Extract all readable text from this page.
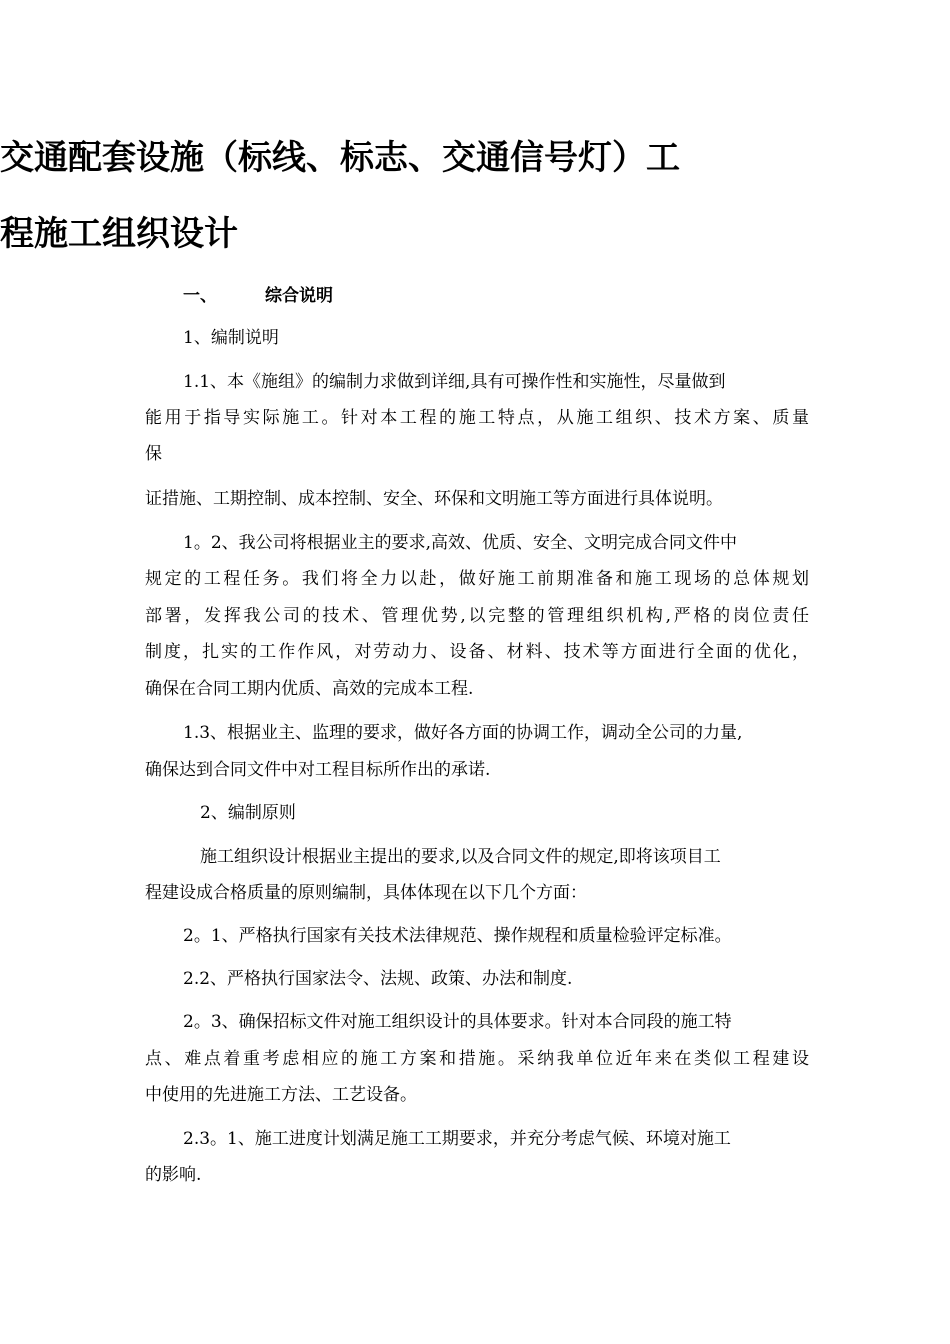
交通配套设施（标线、标志、交通信号灯）工
程施工组织设计
一、	综合说明
1、编制说明
1.1、本《施组》的编制力求做到详细,具有可操作性和实施性，尽量做到
能用于指导实际施工。针对本工程的施工特点，从施工组织、技术方案、质量
保
证措施、工期控制、成本控制、安全、环保和文明施工等方面进行具体说明。
1。2、我公司将根据业主的要求,高效、优质、安全、文明完成合同文件中
规定的工程任务。我们将全力以赴，做好施工前期准备和施工现场的总体规划
部署，发挥我公司的技术、管理优势,以完整的管理组织机构,严格的岗位责任
制度，扎实的工作作风，对劳动力、设备、材料、技术等方面进行全面的优化，
确保在合同工期内优质、高效的完成本工程.
1.3、根据业主、监理的要求，做好各方面的协调工作，调动全公司的力量,
确保达到合同文件中对工程目标所作出的承诺.
2、编制原则
施工组织设计根据业主提出的要求,以及合同文件的规定,即将该项目工
程建设成合格质量的原则编制，具体体现在以下几个方面：
2。1、严格执行国家有关技术法律规范、操作规程和质量检验评定标准。
2.2、严格执行国家法令、法规、政策、办法和制度.
2。3、确保招标文件对施工组织设计的具体要求。针对本合同段的施工特
点、难点着重考虑相应的施工方案和措施。采纳我单位近年来在类似工程建设
中使用的先进施工方法、工艺设备。
2.3。1、施工进度计划满足施工工期要求，并充分考虑气候、环境对施工
的影响.
